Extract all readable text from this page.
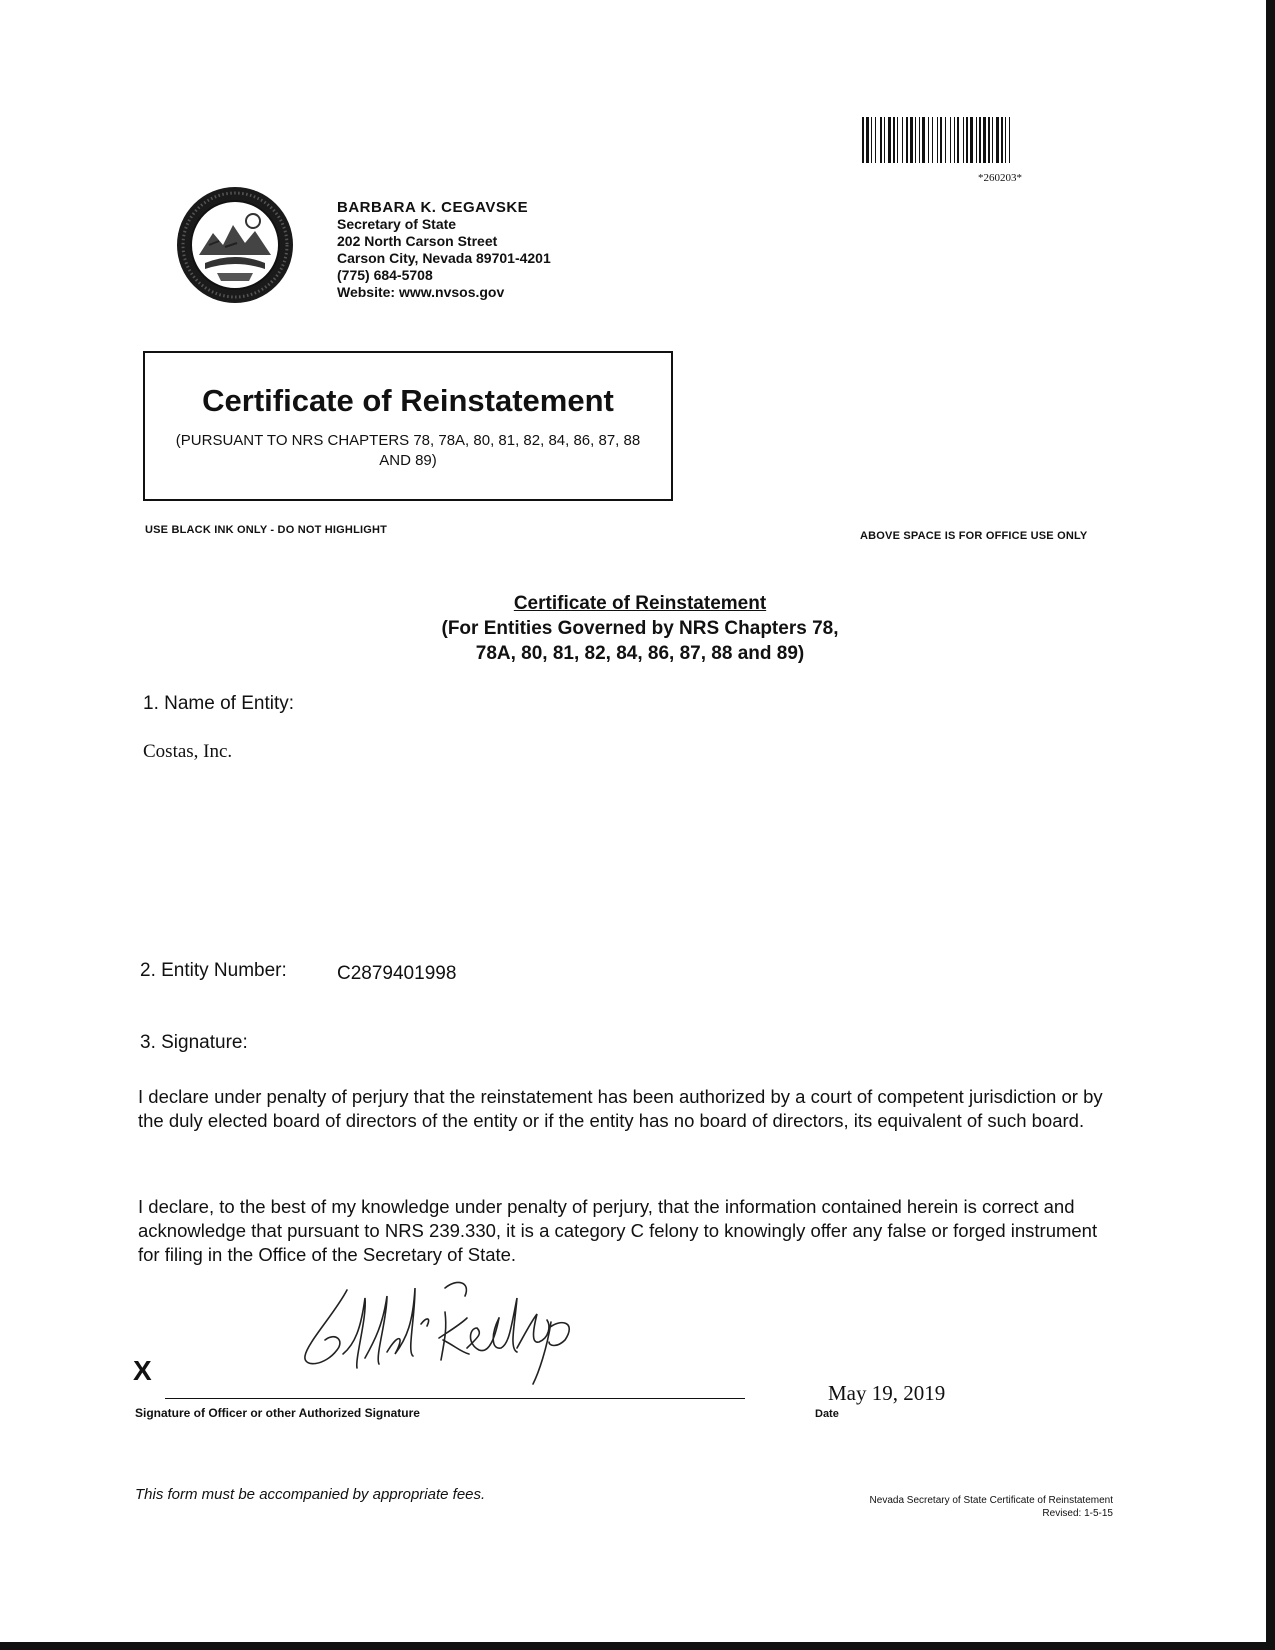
*260203*
BARBARA K. CEGAVSKE
Secretary of State
202 North Carson Street
Carson City, Nevada 89701-4201
(775) 684-5708
Website: www.nvsos.gov
Certificate of Reinstatement
(PURSUANT TO NRS CHAPTERS 78, 78A, 80, 81, 82, 84, 86, 87, 88 AND 89)
USE BLACK INK ONLY - DO NOT HIGHLIGHT	ABOVE SPACE IS FOR OFFICE USE ONLY
Certificate of Reinstatement
(For Entities Governed by NRS Chapters 78,
78A, 80, 81, 82, 84, 86, 87, 88 and 89)
1. Name of Entity:
Costas, Inc.
2. Entity Number:	C2879401998
3. Signature:
I declare under penalty of perjury that the reinstatement has been authorized by a court of competent jurisdiction or by the duly elected board of directors of the entity or if the entity has no board of directors, its equivalent of such board.
I declare, to the best of my knowledge under penalty of perjury, that the information contained herein is correct and acknowledge that pursuant to NRS 239.330, it is a category C felony to knowingly offer any false or forged instrument for filing in the Office of the Secretary of State.
X
Signature of Officer or other Authorized Signature
May 19, 2019
Date
This form must be accompanied by appropriate fees.	Nevada Secretary of State Certificate of Reinstatement
Revised: 1-5-15
